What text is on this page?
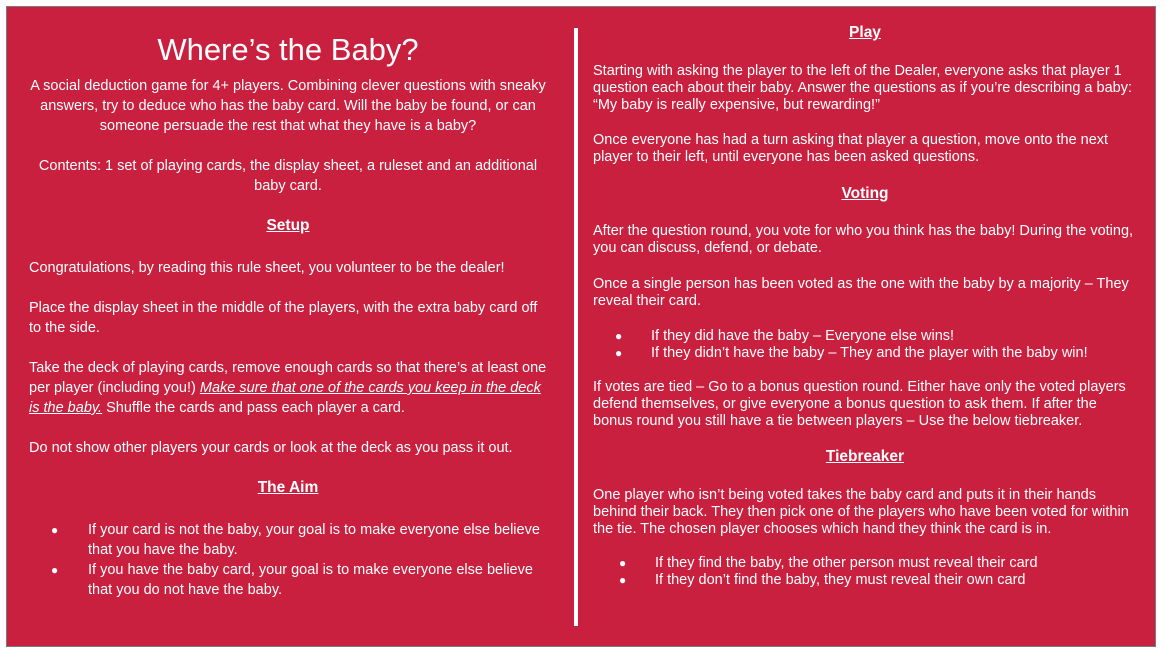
Where’s the Baby?

A social deduction game for 4+ players. Combining clever questions with sneaky answers, try to deduce who has the baby card. Will the baby be found, or can someone persuade the rest that what they have is a baby?

Contents: 1 set of playing cards, the display sheet, a ruleset and an additional baby card.

Setup

Congratulations, by reading this rule sheet, you volunteer to be the dealer!

Place the display sheet in the middle of the players, with the extra baby card off to the side.

Take the deck of playing cards, remove enough cards so that there’s at least one per player (including you!) Make sure that one of the cards you keep in the deck is the baby. Shuffle the cards and pass each player a card.

Do not show other players your cards or look at the deck as you pass it out.

The Aim

● If your card is not the baby, your goal is to make everyone else believe that you have the baby.
● If you have the baby card, your goal is to make everyone else believe that you do not have the baby.

Play

Starting with asking the player to the left of the Dealer, everyone asks that player 1 question each about their baby. Answer the questions as if you’re describing a baby: “My baby is really expensive, but rewarding!”

Once everyone has had a turn asking that player a question, move onto the next player to their left, until everyone has been asked questions.

Voting

After the question round, you vote for who you think has the baby! During the voting, you can discuss, defend, or debate.

Once a single person has been voted as the one with the baby by a majority – They reveal their card.

● If they did have the baby – Everyone else wins!
● If they didn’t have the baby – They and the player with the baby win!

If votes are tied – Go to a bonus question round. Either have only the voted players defend themselves, or give everyone a bonus question to ask them. If after the bonus round you still have a tie between players – Use the below tiebreaker.

Tiebreaker

One player who isn’t being voted takes the baby card and puts it in their hands behind their back. They then pick one of the players who have been voted for within the tie. The chosen player chooses which hand they think the card is in.

● If they find the baby, the other person must reveal their card
● If they don’t find the baby, they must reveal their own card
